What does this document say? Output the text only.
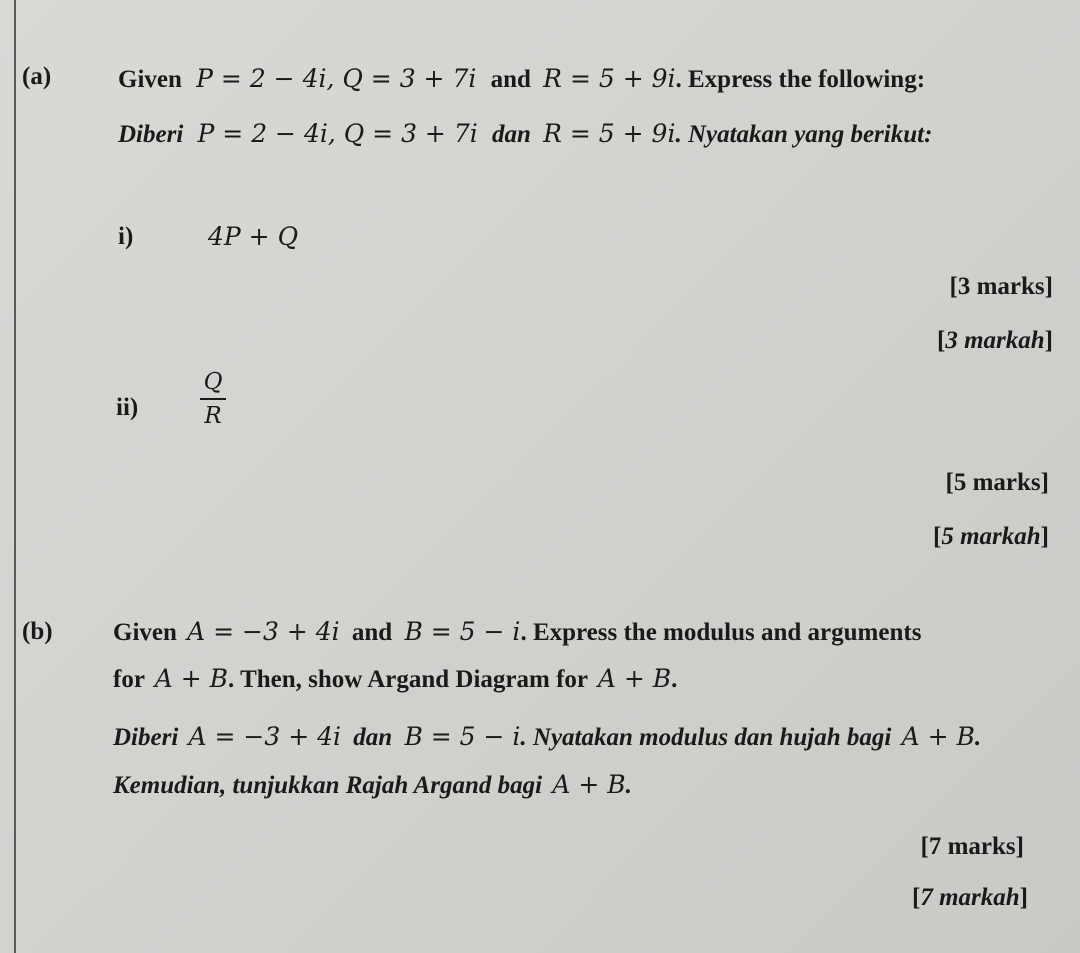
(a)	Given P = 2 − 4i, Q = 3 + 7i and R = 5 + 9i. Express the following:
Diberi P = 2 − 4i, Q = 3 + 7i dan R = 5 + 9i. Nyatakan yang berikut:
i)	4P + Q
[3 marks]
[3 markah]
ii)
Q
R
[5 marks]
[5 markah]
(b) Given A = −3 + 4i and B = 5 − i. Express the modulus and arguments
for A + B. Then, show Argand Diagram for A + B.
Diberi A = −3 + 4i dan B = 5 − i. Nyatakan modulus dan hujah bagi A + B.
Kemudian, tunjukkan Rajah Argand bagi A + B.
[7 marks]
[7 markah]
